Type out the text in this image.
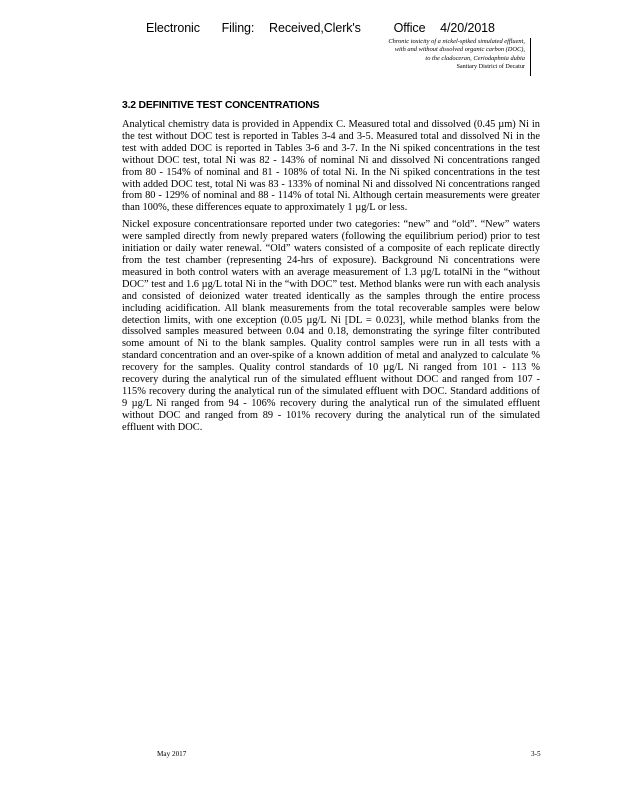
Electronic Filing: Received,Clerk's	Office 4/20/2018
Chronic toxicity of a nickel-spiked simulated effluent,
with and without dissolved organic carbon (DOC),
to the cladoceran, Ceriodaphnia dubia
Sanitary District of Decatur
3.2 DEFINITIVE TEST CONCENTRATIONS

Analytical chemistry data is provided in Appendix C. Measured total and dissolved (0.45 µm) Ni in the test without DOC test is reported in Tables 3-4 and 3-5. Measured total and dissolved Ni in the test with added DOC is reported in Tables 3-6 and 3-7. In the Ni spiked concentrations in the test without DOC test, total Ni was 82 - 143% of nominal Ni and dissolved Ni concentrations ranged from 80 - 154% of nominal and 81 - 108% of total Ni. In the Ni spiked concentrations in the test with added DOC test, total Ni was 83 - 133% of nominal Ni and dissolved Ni concentrations ranged from 80 - 129% of nominal and 88 - 114% of total Ni. Although certain measurements were greater than 100%, these differences equate to approximately 1 µg/L or less.

Nickel exposure concentrationsare reported under two categories: “new” and “old”. “New” waters were sampled directly from newly prepared waters (following the equilibrium period) prior to test initiation or daily water renewal. “Old” waters consisted of a composite of each replicate directly from the test chamber (representing 24-hrs of exposure). Background Ni concentrations were measured in both control waters with an average measurement of 1.3 µg/L totalNi in the “without DOC” test and 1.6 µg/L total Ni in the “with DOC” test. Method blanks were run with each analysis and consisted of deionized water treated identically as the samples through the entire process including acidification. All blank measurements from the total recoverable samples were below detection limits, with one exception (0.05 µg/L Ni [DL = 0.023], while method blanks from the dissolved samples measured between 0.04 and 0.18, demonstrating the syringe filter contributed some amount of Ni to the blank samples. Quality control samples were run in all tests with a standard concentration and an over-spike of a known addition of metal and analyzed to calculate % recovery for the samples. Quality control standards of 10 µg/L Ni ranged from 101 - 113 % recovery during the analytical run of the simulated effluent without DOC and ranged from 107 - 115% recovery during the analytical run of the simulated effluent with DOC. Standard additions of 9 µg/L Ni ranged from 94 - 106% recovery during the analytical run of the simulated effluent without DOC and ranged from 89 - 101% recovery during the analytical run of the simulated effluent with DOC.

May 2017	3-5
